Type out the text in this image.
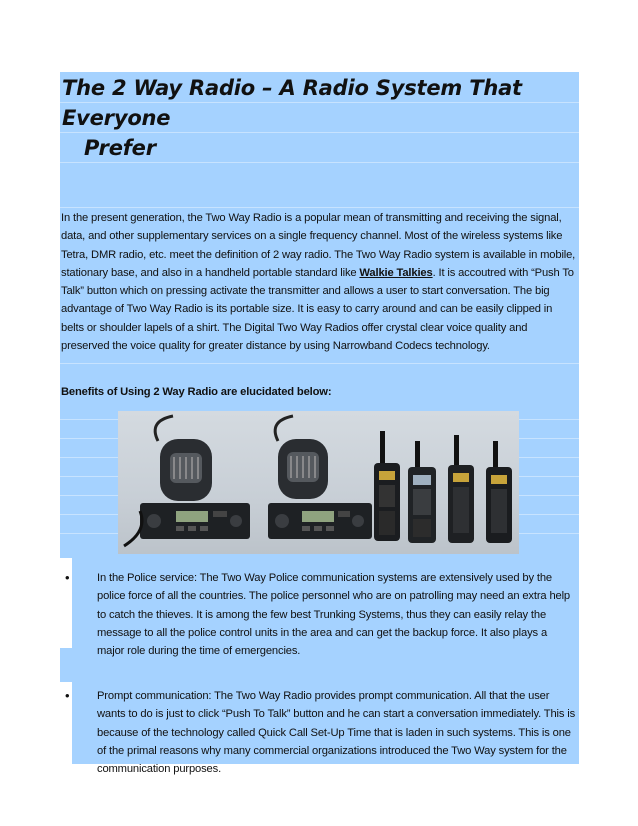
The 2 Way Radio – A Radio System That Everyone
Prefer

In the present generation, the Two Way Radio is a popular mean of transmitting and receiving the signal, data, and other supplementary services on a single frequency channel. Most of the wireless systems like Tetra, DMR radio, etc. meet the definition of 2 way radio. The Two Way Radio system is available in mobile, stationary base, and also in a handheld portable standard like Walkie Talkies. It is accoutred with “Push To Talk” button which on pressing activate the transmitter and allows a user to start conversation. The big advantage of Two Way Radio is its portable size. It is easy to carry around and can be easily clipped in belts or shoulder lapels of a shirt. The Digital Two Way Radios offer crystal clear voice quality and preserved the voice quality for greater distance by using Narrowband Codecs technology.

Benefits of Using 2 Way Radio are elucidated below:

• In the Police service: The Two Way Police communication systems are extensively used by the police force of all the countries. The police personnel who are on patrolling may need an extra help to catch the thieves. It is among the few best Trunking Systems, thus they can easily relay the message to all the police control units in the area and can get the backup force. It also plays a major role during the time of emergencies.

• Prompt communication: The Two Way Radio provides prompt communication. All that the user wants to do is just to click “Push To Talk” button and he can start a conversation immediately. This is because of the technology called Quick Call Set-Up Time that is laden in such systems. This is one of the primal reasons why many commercial organizations introduced the Two Way system for the communication purposes.
